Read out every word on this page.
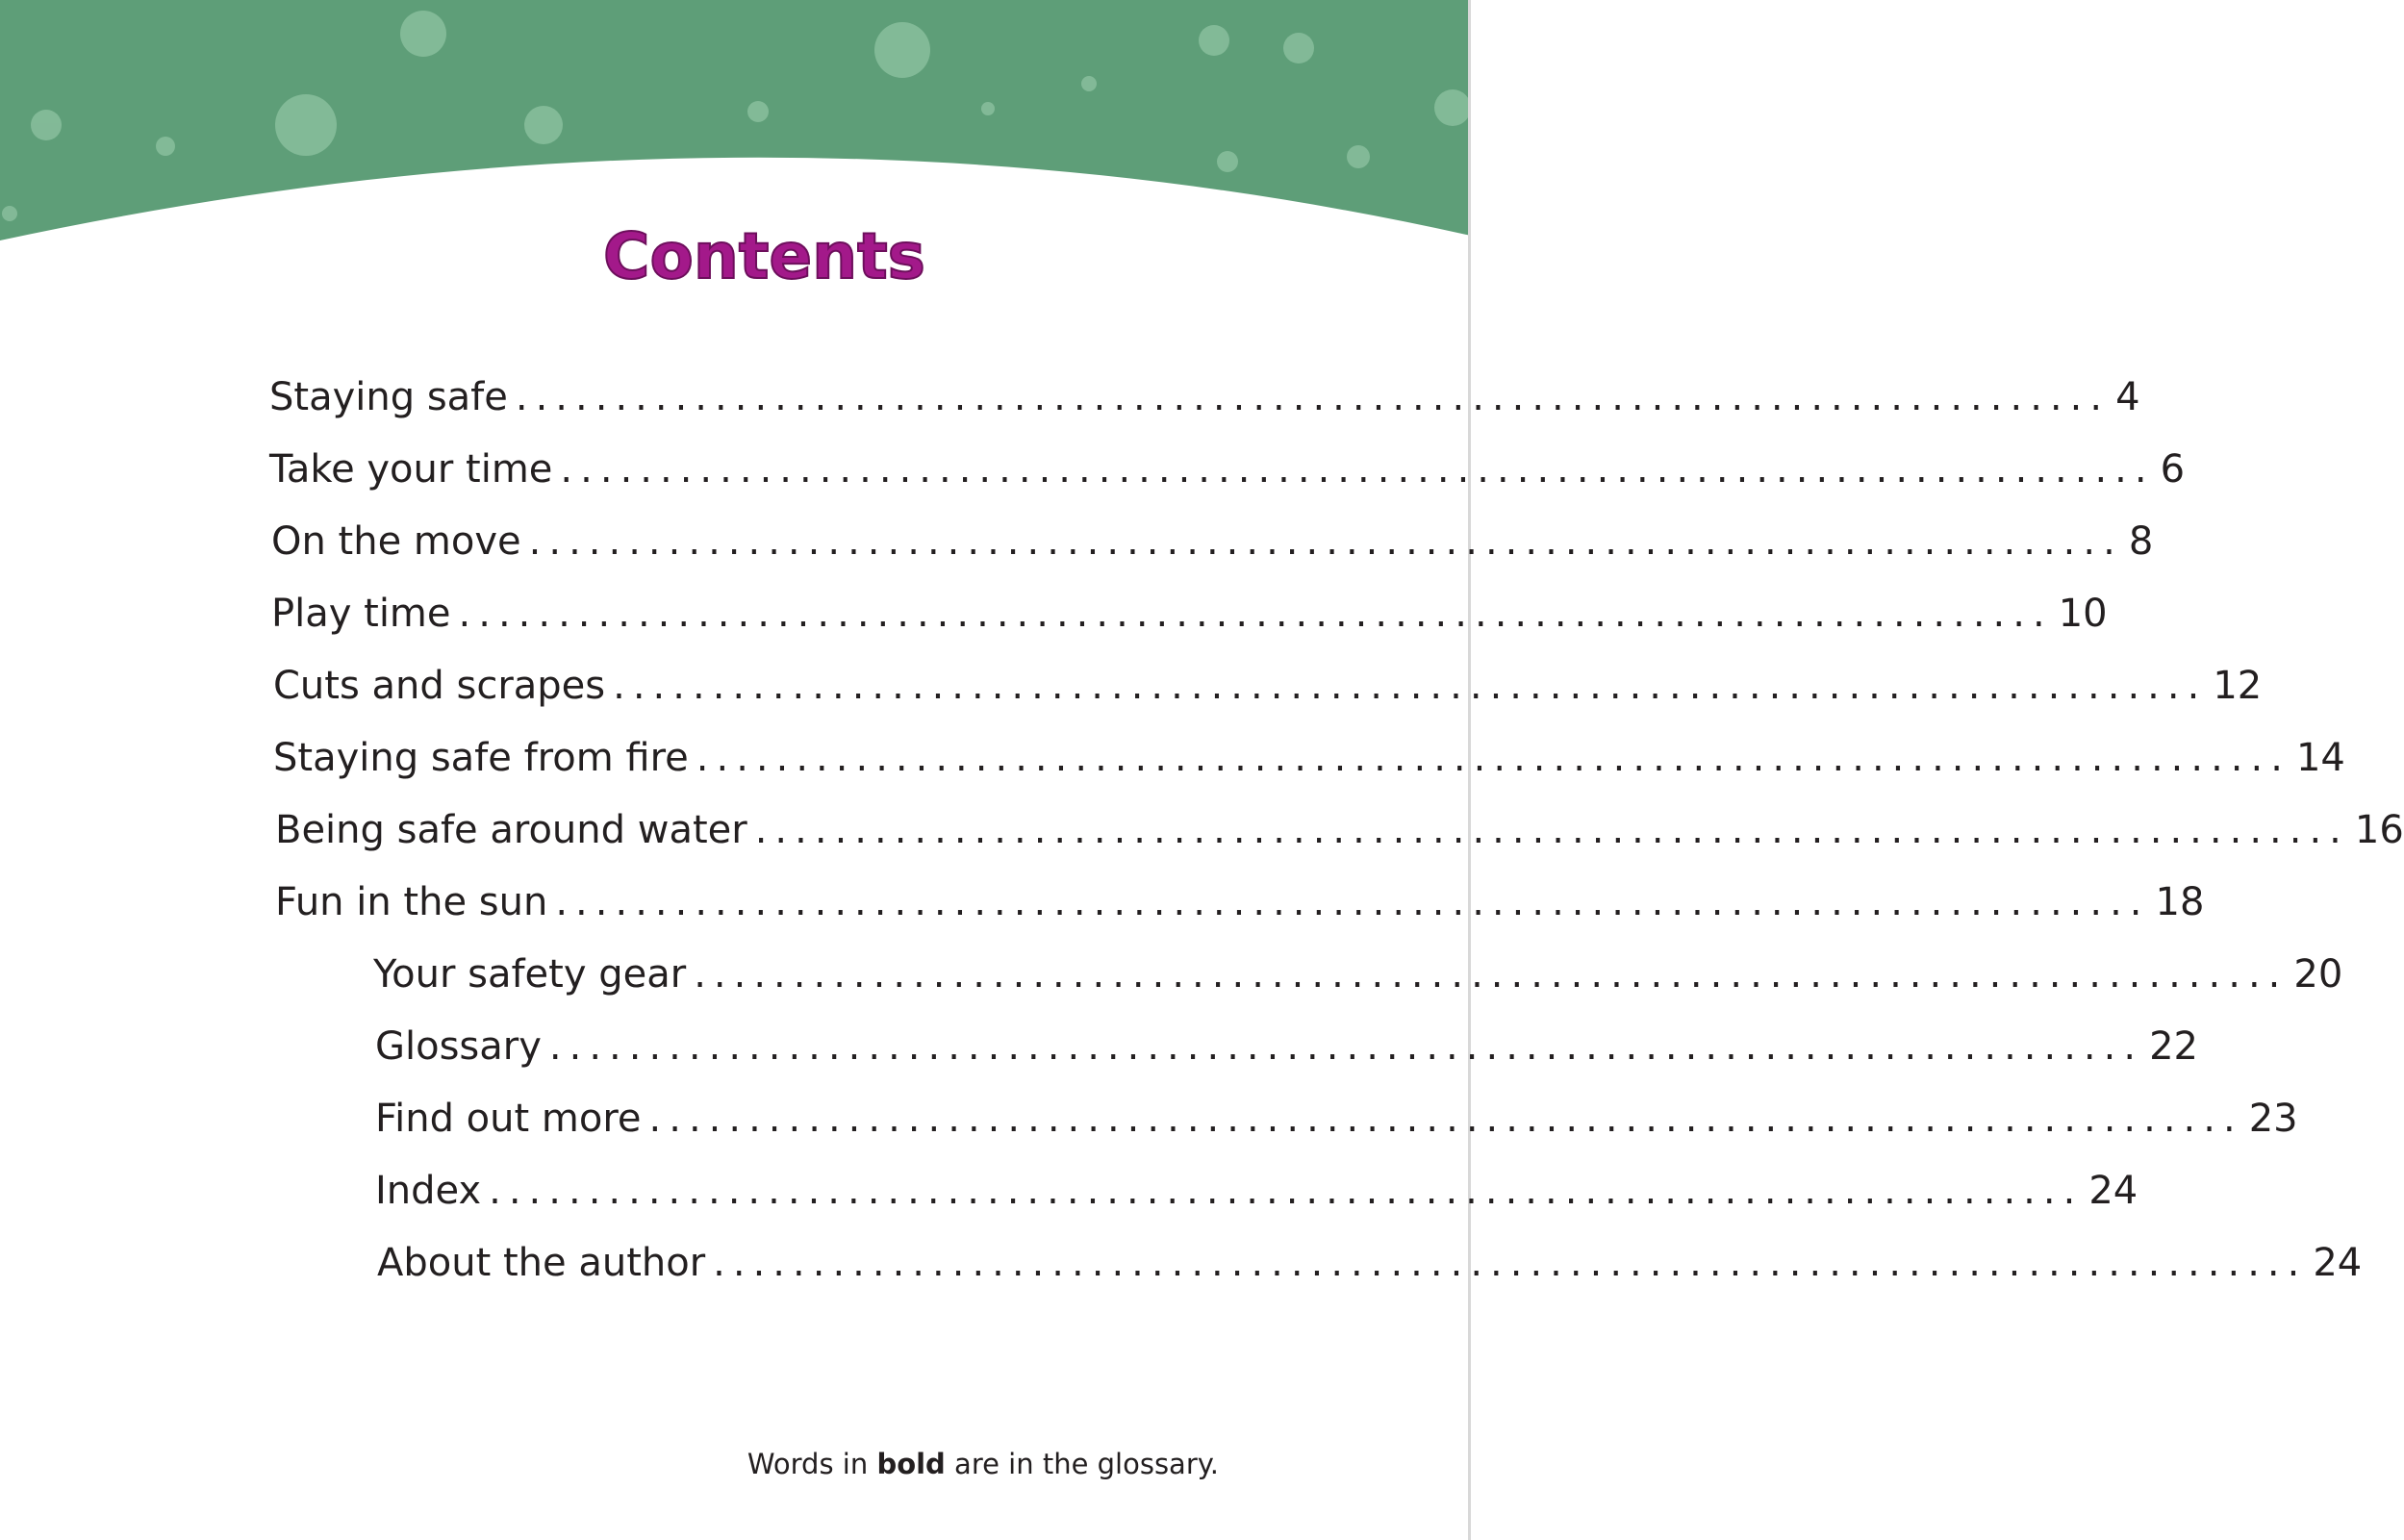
Contents
Staying safe ................................................................................ 4
Take your time ................................................................................ 6
On the move ................................................................................ 8
Play time ................................................................................ 10
Cuts and scrapes ................................................................................ 12
Staying safe from fire ................................................................................ 14
Being safe around water ................................................................................ 16
Fun in the sun ................................................................................ 18
Your safety gear ................................................................................ 20
Glossary ................................................................................ 22
Find out more ................................................................................ 23
Index ................................................................................ 24
About the author ................................................................................ 24
Words in bold are in the glossary.
